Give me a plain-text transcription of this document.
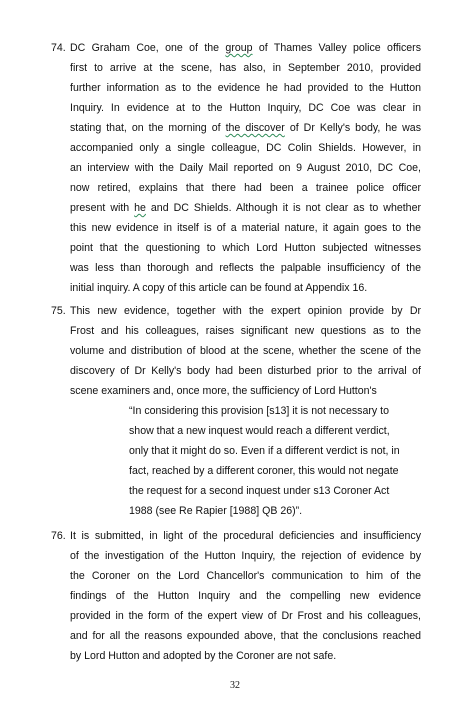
74. DC Graham Coe, one of the group of Thames Valley police officers
first to arrive at the scene, has also, in September 2010, provided
further information as to the evidence he had provided to the Hutton
Inquiry. In evidence at to the Hutton Inquiry, DC Coe was clear in
stating that, on the morning of the discover of Dr Kelly's body, he was
accompanied only a single colleague, DC Colin Shields. However, in
an interview with the Daily Mail reported on 9 August 2010, DC Coe,
now retired, explains that there had been a trainee police officer
present with he and DC Shields. Although it is not clear as to whether
this new evidence in itself is of a material nature, it again goes to the
point that the questioning to which Lord Hutton subjected witnesses
was less than thorough and reflects the palpable insufficiency of the
initial inquiry. A copy of this article can be found at Appendix 16.
75. This new evidence, together with the expert opinion provide by Dr
Frost and his colleagues, raises significant new questions as to the
volume and distribution of blood at the scene, whether the scene of the
discovery of Dr Kelly's body had been disturbed prior to the arrival of
scene examiners and, once more, the sufficiency of Lord Hutton's
“In considering this provision [s13] it is not necessary to
show that a new inquest would reach a different verdict,
only that it might do so. Even if a different verdict is not, in
fact, reached by a different coroner, this would not negate
the request for a second inquest under s13 Coroner Act
1988 (see Re Rapier [1988] QB 26)”.
76. It is submitted, in light of the procedural deficiencies and insufficiency
of the investigation of the Hutton Inquiry, the rejection of evidence by
the Coroner on the Lord Chancellor's communication to him of the
findings of the Hutton Inquiry and the compelling new evidence
provided in the form of the expert view of Dr Frost and his colleagues,
and for all the reasons expounded above, that the conclusions reached
by Lord Hutton and adopted by the Coroner are not safe.
32
